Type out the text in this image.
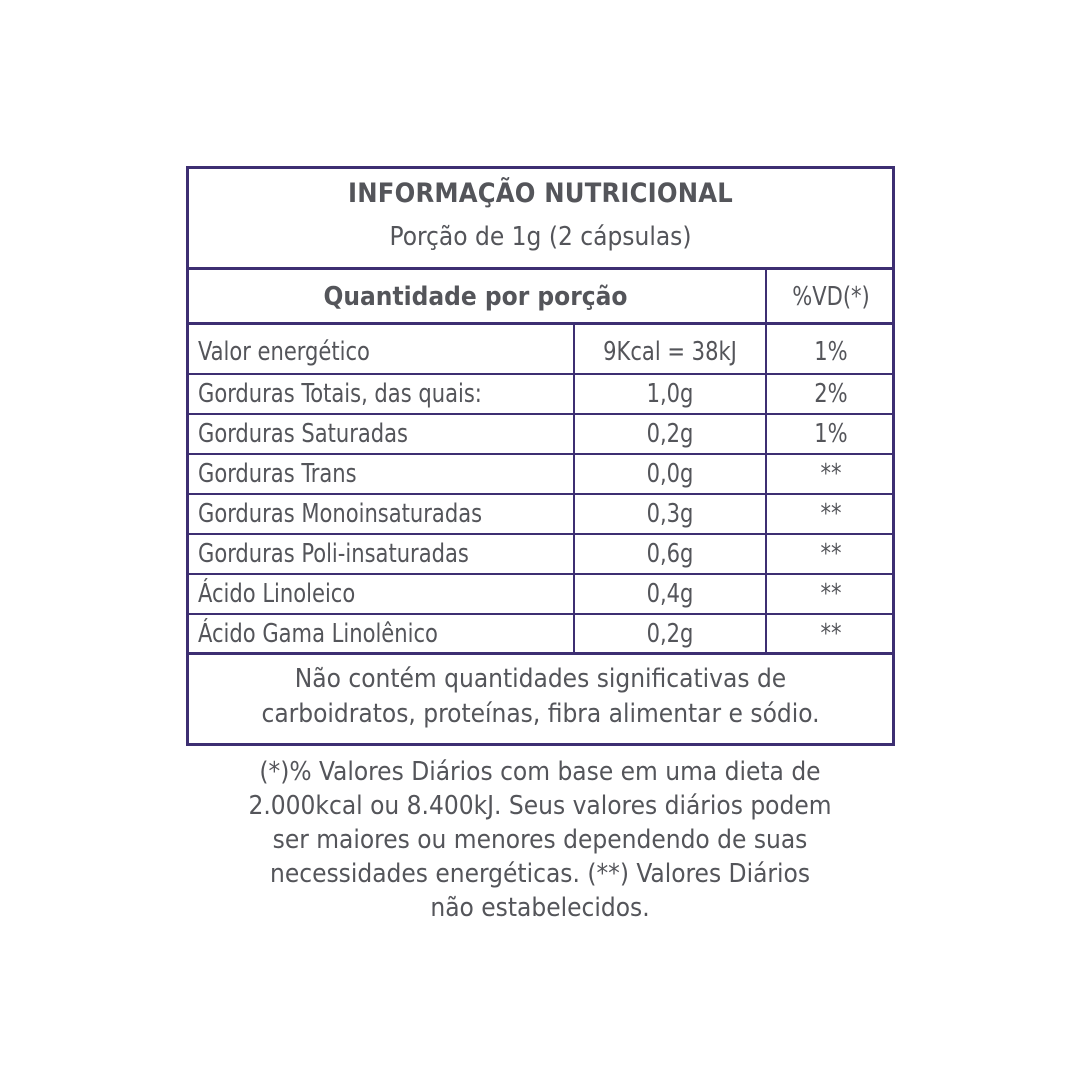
INFORMAÇÃO NUTRICIONAL
Porção de 1g (2 cápsulas)
Quantidade por porção	%VD(*)
Valor energético	9Kcal = 38kJ	1%
Gorduras Totais, das quais:	1,0g	2%
Gorduras Saturadas	0,2g	1%
Gorduras Trans	0,0g	**
Gorduras Monoinsaturadas	0,3g	**
Gorduras Poli-insaturadas	0,6g	**
Ácido Linoleico	0,4g	**
Ácido Gama Linolênico	0,2g	**
Não contém quantidades significativas de
carboidratos, proteínas, fibra alimentar e sódio.
(*)% Valores Diários com base em uma dieta de
2.000kcal ou 8.400kJ. Seus valores diários podem
ser maiores ou menores dependendo de suas
necessidades energéticas. (**) Valores Diários
não estabelecidos.
